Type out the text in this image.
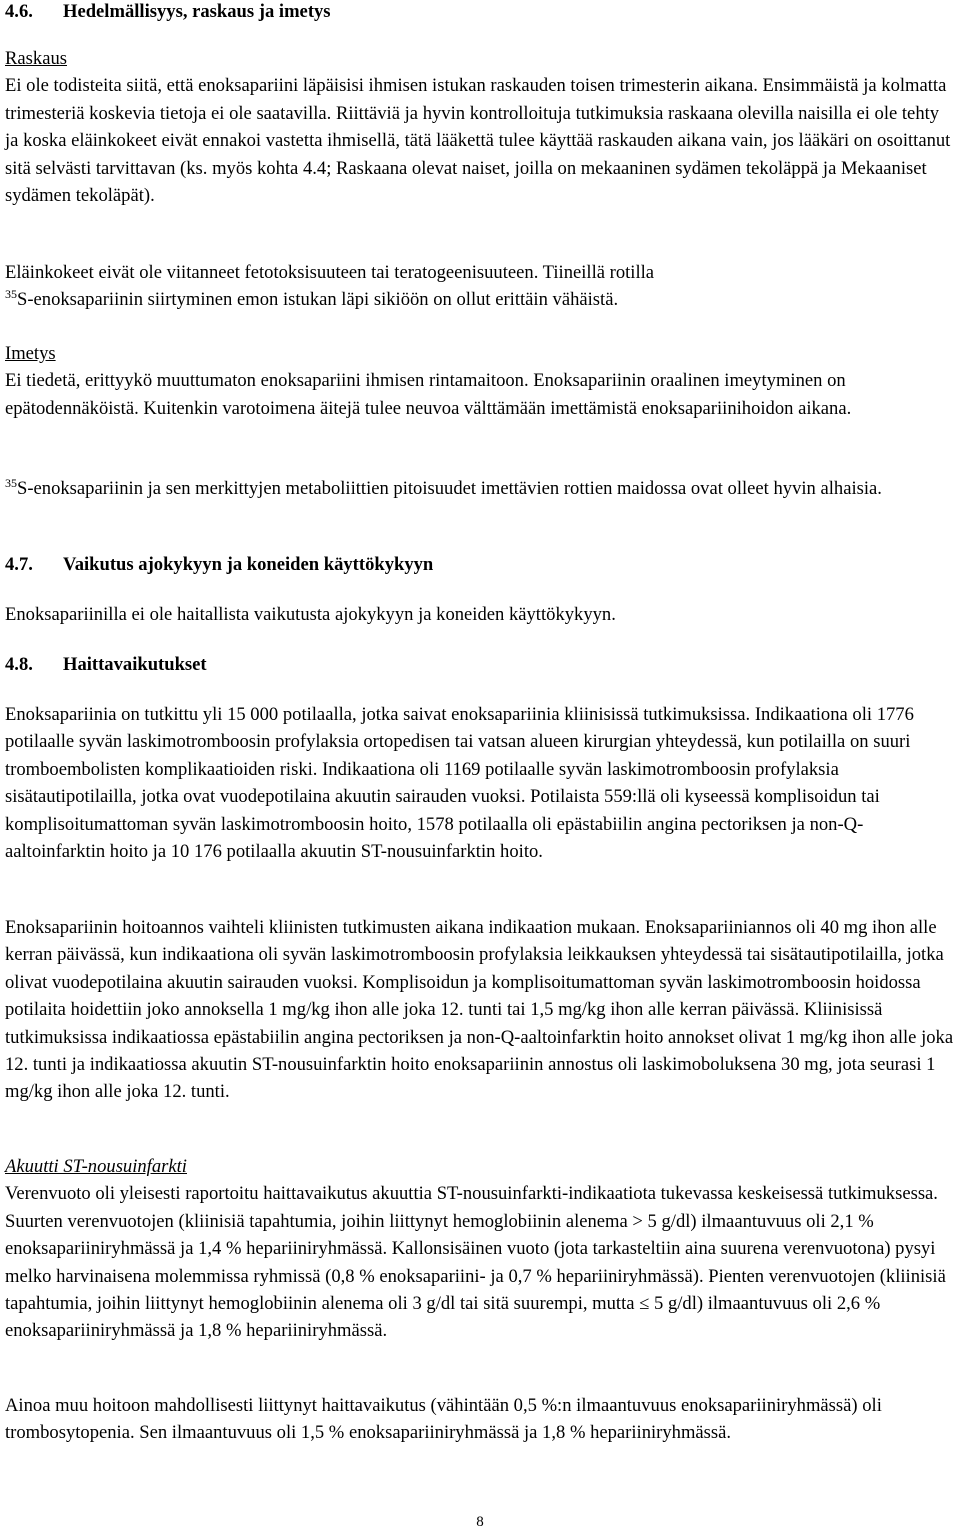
4.6. Hedelmällisyys, raskaus ja imetys
Raskaus

Ei ole todisteita siitä, että enoksapariini läpäisisi ihmisen istukan raskauden toisen trimesterin aikana. Ensimmäistä ja kolmatta trimesteriä koskevia tietoja ei ole saatavilla. Riittäviä ja hyvin kontrolloituja tutkimuksia raskaana olevilla naisilla ei ole tehty ja koska eläinkokeet eivät ennakoi vastetta ihmisellä, tätä lääkettä tulee käyttää raskauden aikana vain, jos lääkäri on osoittanut sitä selvästi tarvittavan (ks. myös kohta 4.4; Raskaana olevat naiset, joilla on mekaaninen sydämen tekoläppä ja Mekaaniset sydämen tekoläpät).

Eläinkokeet eivät ole viitanneet fetotoksisuuteen tai teratogeenisuuteen. Tiineillä rotilla
$^{35}$S-enoksapariinin siirtyminen emon istukan läpi sikiöön on ollut erittäin vähäistä.
Imetys

Ei tiedetä, erittyykö muuttumaton enoksapariini ihmisen rintamaitoon. Enoksapariinin oraalinen imeytyminen on epätodennäköistä. Kuitenkin varotoimena äitejä tulee neuvoa välttämään imettämistä enoksapariinihoidon aikana.

$^{35}$S-enoksapariinin ja sen merkittyjen metaboliittien pitoisuudet imettävien rottien maidossa ovat olleet hyvin alhaisia.
4.7. Vaikutus ajokykyyn ja koneiden käyttökykyyn

Enoksapariinilla ei ole haitallista vaikutusta ajokykyyn ja koneiden käyttökykyyn.

4.8. Haittavaikutukset

Enoksapariinia on tutkittu yli 15 000 potilaalla, jotka saivat enoksapariinia kliinisissä tutkimuksissa. Indikaationa oli 1776 potilaalle syvän laskimotromboosin profylaksia ortopedisen tai vatsan alueen kirurgian yhteydessä, kun potilailla on suuri tromboembolisten komplikaatioiden riski. Indikaationa oli 1169 potilaalle syvän laskimotromboosin profylaksia sisätautipotilailla, jotka ovat vuodepotilaina akuutin sairauden vuoksi. Potilaista 559:llä oli kyseessä komplisoidun tai komplisoitumattoman syvän laskimotromboosin hoito, 1578 potilaalla oli epästabiilin angina pectoriksen ja non-Q-aaltoinfarktin hoito ja 10 176 potilaalla akuutin ST-nousuinfarktin hoito.

Enoksapariinin hoitoannos vaihteli kliinisten tutkimusten aikana indikaation mukaan. Enoksapariiniannos oli 40 mg ihon alle kerran päivässä, kun indikaationa oli syvän laskimotromboosin profylaksia leikkauksen yhteydessä tai sisätautipotilailla, jotka olivat vuodepotilaina akuutin sairauden vuoksi. Komplisoidun ja komplisoitumattoman syvän laskimotromboosin hoidossa potilaita hoidettiin joko annoksella 1 mg/kg ihon alle joka 12. tunti tai 1,5 mg/kg ihon alle kerran päivässä. Kliinisissä tutkimuksissa indikaatiossa epästabiilin angina pectoriksen ja non-Q-aaltoinfarktin hoito annokset olivat 1 mg/kg ihon alle joka 12. tunti ja indikaatiossa akuutin ST-nousuinfarktin hoito enoksapariinin annostus oli laskimoboluksena 30 mg, jota seurasi 1 mg/kg ihon alle joka 12. tunti.

Akuutti ST-nousuinfarkti

Verenvuoto oli yleisesti raportoitu haittavaikutus akuuttia ST-nousuinfarkti-indikaatiota tukevassa keskeisessä tutkimuksessa. Suurten verenvuotojen (kliinisiä tapahtumia, joihin liittynyt hemoglobiinin alenema > 5 g/dl) ilmaantuvuus oli 2,1 % enoksapariiniryhmässä ja 1,4 % hepariiniryhmässä. Kallonsisäinen vuoto (jota tarkasteltiin aina suurena verenvuotona) pysyi melko harvinaisena molemmissa ryhmissä (0,8 % enoksapariini- ja 0,7 % hepariiniryhmässä). Pienten verenvuotojen (kliinisiä tapahtumia, joihin liittynyt hemoglobiinin alenema oli 3 g/dl tai sitä suurempi, mutta ≤ 5 g/dl) ilmaantuvuus oli 2,6 % enoksapariiniryhmässä ja 1,8 % hepariiniryhmässä.

Ainoa muu hoitoon mahdollisesti liittynyt haittavaikutus (vähintään 0,5 %:n ilmaantuvuus enoksapariiniryhmässä) oli trombosytopenia. Sen ilmaantuvuus oli 1,5 % enoksapariiniryhmässä ja 1,8 % hepariiniryhmässä.

8
